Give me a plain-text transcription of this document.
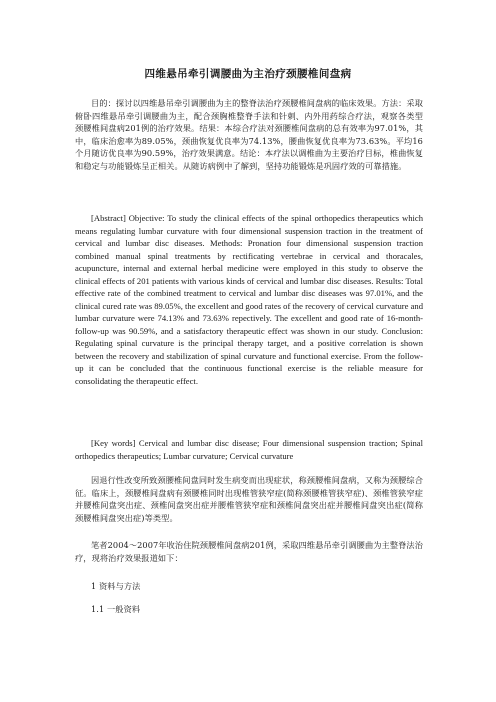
四维悬吊牵引调腰曲为主治疗颈腰椎间盘病

目的：探讨以四维悬吊牵引调腰曲为主的整脊法治疗颈腰椎间盘病的临床效果。方法：采取俯卧四维悬吊牵引调腰曲为主，配合颈胸椎整脊手法和针刺、内外用药综合疗法，观察各类型颈腰椎间盘病201例的治疗效果。结果：本综合疗法对颈腰椎间盘病的总有效率为97.01%，其中，临床治愈率为89.05%，颈曲恢复优良率为74.13%，腰曲恢复优良率为73.63%。平均16个月随访优良率为90.59%，治疗效果满意。结论：本疗法以调椎曲为主要治疗目标，椎曲恢复和稳定与功能锻炼呈正相关。从随访病例中了解到，坚持功能锻炼是巩固疗效的可靠措施。

[Abstract] Objective: To study the clinical effects of the spinal orthopedics therapeutics which means regulating lumbar curvature with four dimensional suspension traction in the treatment of cervical and lumbar disc diseases. Methods: Pronation four dimensional suspension traction combined manual spinal treatments by rectificating vertebrae in cervical and thoracales, acupuncture, internal and external herbal medicine were employed in this study to observe the clinical effects of 201 patients with various kinds of cervical and lumbar disc diseases. Results: Total effective rate of the combined treatment to cervical and lumbar disc diseases was 97.01%, and the clinical cured rate was 89.05%, the excellent and good rates of the recovery of cervical curvature and lumbar curvature were 74.13% and 73.63% repectively. The excellent and good rate of 16-month-follow-up was 90.59%, and a satisfactory therapeutic effect was shown in our study. Conclusion: Regulating spinal curvature is the principal therapy target, and a positive correlation is shown between the recovery and stabilization of spinal curvature and functional exercise. From the follow-up it can be concluded that the continuous functional exercise is the reliable measure for consolidating the therapeutic effect.

[Key words] Cervical and lumbar disc disease; Four dimensional suspension traction; Spinal orthopedics therapeutics; Lumbar curvature; Cervical curvature

因退行性改变所致颈腰椎间盘同时发生病变而出现症状，称颈腰椎间盘病，又称为颈腰综合征。临床上，颈腰椎间盘病有颈腰椎同时出现椎管狭窄症(简称颈腰椎管狭窄症)、颈椎管狭窄症并腰椎间盘突出症、颈椎间盘突出症并腰椎管狭窄症和颈椎间盘突出症并腰椎间盘突出症(简称颈腰椎间盘突出症)等类型。

笔者2004～2007年收治住院颈腰椎间盘病201例，采取四维悬吊牵引调腰曲为主整脊法治疗，现将治疗效果报道如下：

1 资料与方法

1.1 一般资料
